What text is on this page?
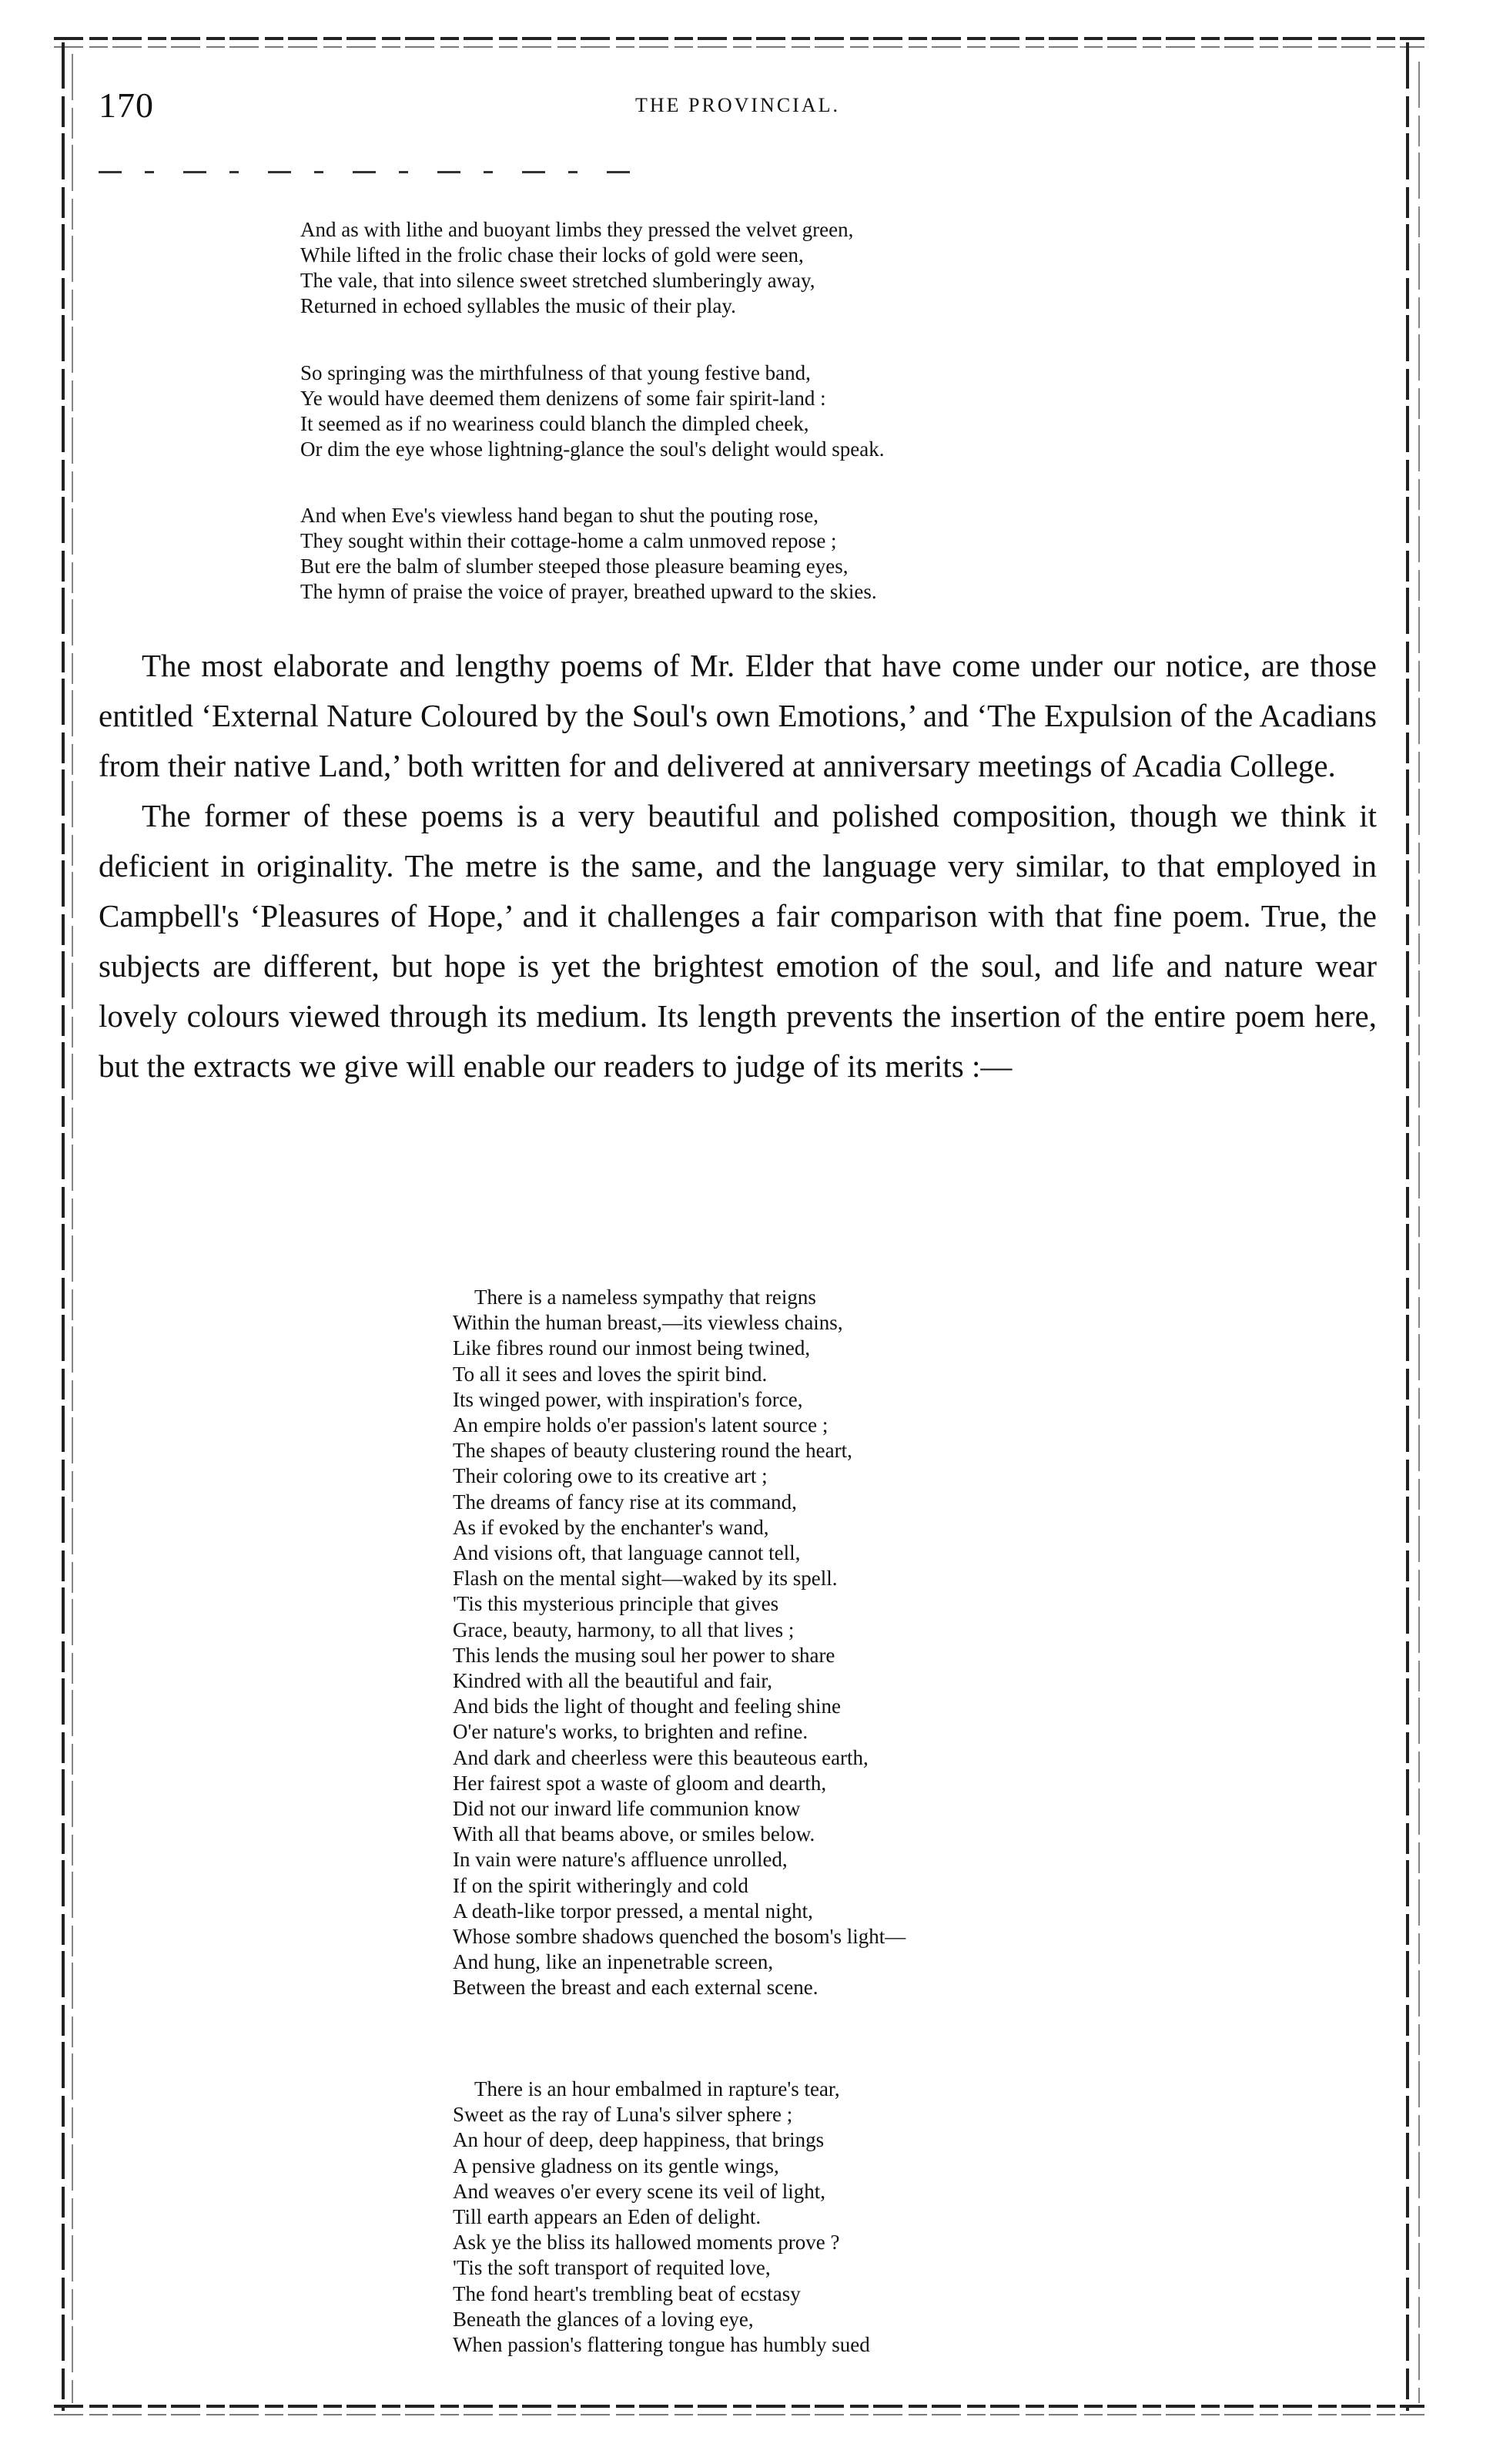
170	THE PROVINCIAL.
And as with lithe and buoyant limbs they pressed the velvet green,
While lifted in the frolic chase their locks of gold were seen,
The vale, that into silence sweet stretched slumberingly away,
Returned in echoed syllables the music of their play.
So springing was the mirthfulness of that young festive band,
Ye would have deemed them denizens of some fair spirit-land :
It seemed as if no weariness could blanch the dimpled cheek,
Or dim the eye whose lightning-glance the soul's delight would speak.
And when Eve's viewless hand began to shut the pouting rose,
They sought within their cottage-home a calm unmoved repose ;
But ere the balm of slumber steeped those pleasure beaming eyes,
The hymn of praise the voice of prayer, breathed upward to the skies.

The most elaborate and lengthy poems of Mr. Elder that have come under our notice, are those entitled ‘External Nature Coloured by the Soul's own Emotions,’ and ‘The Expulsion of the Acadians from their native Land,’ both written for and delivered at anniversary meetings of Acadia College.

The former of these poems is a very beautiful and polished composition, though we think it deficient in originality. The metre is the same, and the language very similar, to that employed in Campbell's ‘Pleasures of Hope,’ and it challenges a fair comparison with that fine poem. True, the subjects are different, but hope is yet the brightest emotion of the soul, and life and nature wear lovely colours viewed through its medium. Its length prevents the insertion of the entire poem here, but the extracts we give will enable our readers to judge of its merits :—

There is a nameless sympathy that reigns
Within the human breast,—its viewless chains,
Like fibres round our inmost being twined,
To all it sees and loves the spirit bind.
Its winged power, with inspiration's force,
An empire holds o'er passion's latent source ;
The shapes of beauty clustering round the heart,
Their coloring owe to its creative art ;
The dreams of fancy rise at its command,
As if evoked by the enchanter's wand,
And visions oft, that language cannot tell,
Flash on the mental sight—waked by its spell.
'Tis this mysterious principle that gives
Grace, beauty, harmony, to all that lives ;
This lends the musing soul her power to share
Kindred with all the beautiful and fair,
And bids the light of thought and feeling shine
O'er nature's works, to brighten and refine.
And dark and cheerless were this beauteous earth,
Her fairest spot a waste of gloom and dearth,
Did not our inward life communion know
With all that beams above, or smiles below.
In vain were nature's affluence unrolled,
If on the spirit witheringly and cold
A death-like torpor pressed, a mental night,
Whose sombre shadows quenched the bosom's light—
And hung, like an inpenetrable screen,
Between the breast and each external scene.
There is an hour embalmed in rapture's tear,
Sweet as the ray of Luna's silver sphere ;
An hour of deep, deep happiness, that brings
A pensive gladness on its gentle wings,
And weaves o'er every scene its veil of light,
Till earth appears an Eden of delight.
Ask ye the bliss its hallowed moments prove ?
'Tis the soft transport of requited love,
The fond heart's trembling beat of ecstasy
Beneath the glances of a loving eye,
When passion's flattering tongue has humbly sued
